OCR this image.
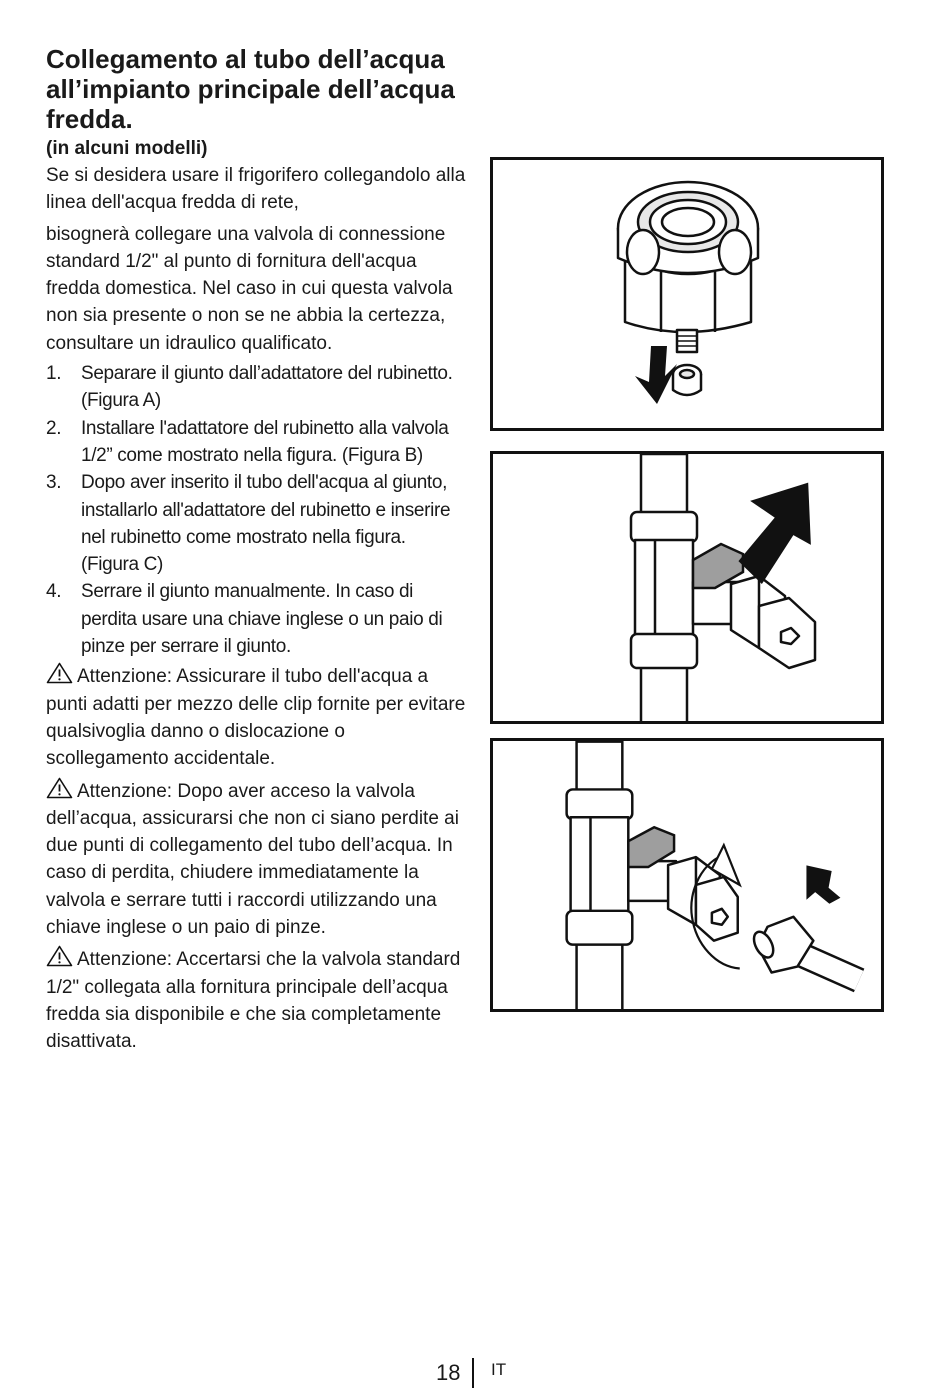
Collegamento al tubo dell’acqua all’impianto principale dell’acqua fredda.
(in alcuni modelli)

Se si desidera usare il frigorifero collegandolo alla linea dell'acqua fredda di rete,

bisognerà collegare una valvola di connessione standard 1/2" al punto di fornitura dell'acqua fredda domestica. Nel caso in cui questa valvola non sia presente o non se ne abbia la certezza, consultare un idraulico qualificato.

1. Separare il giunto dall’adattatore del rubinetto. (Figura A)
2. Installare l'adattatore del rubinetto alla valvola 1/2” come mostrato nella figura. (Figura B)
3. Dopo aver inserito il tubo dell'acqua al giunto, installarlo all'adattatore del rubinetto e inserire nel rubinetto come mostrato nella figura. (Figura C)
4. Serrare il giunto manualmente. In caso di perdita usare una chiave inglese o un paio di pinze per serrare il giunto.

Attenzione: Assicurare il tubo dell'acqua a punti adatti per mezzo delle clip fornite per evitare qualsivoglia danno o dislocazione o scollegamento accidentale.

Attenzione: Dopo aver acceso la valvola dell’acqua, assicurarsi che non ci siano perdite ai due punti di collegamento del tubo dell’acqua. In caso di perdita, chiudere immediatamente la valvola e serrare tutti i raccordi utilizzando una chiave inglese o un paio di pinze.

Attenzione: Accertarsi che la valvola standard 1/2" collegata alla fornitura principale dell’acqua fredda sia disponibile e che sia completamente disattivata.

18 IT
